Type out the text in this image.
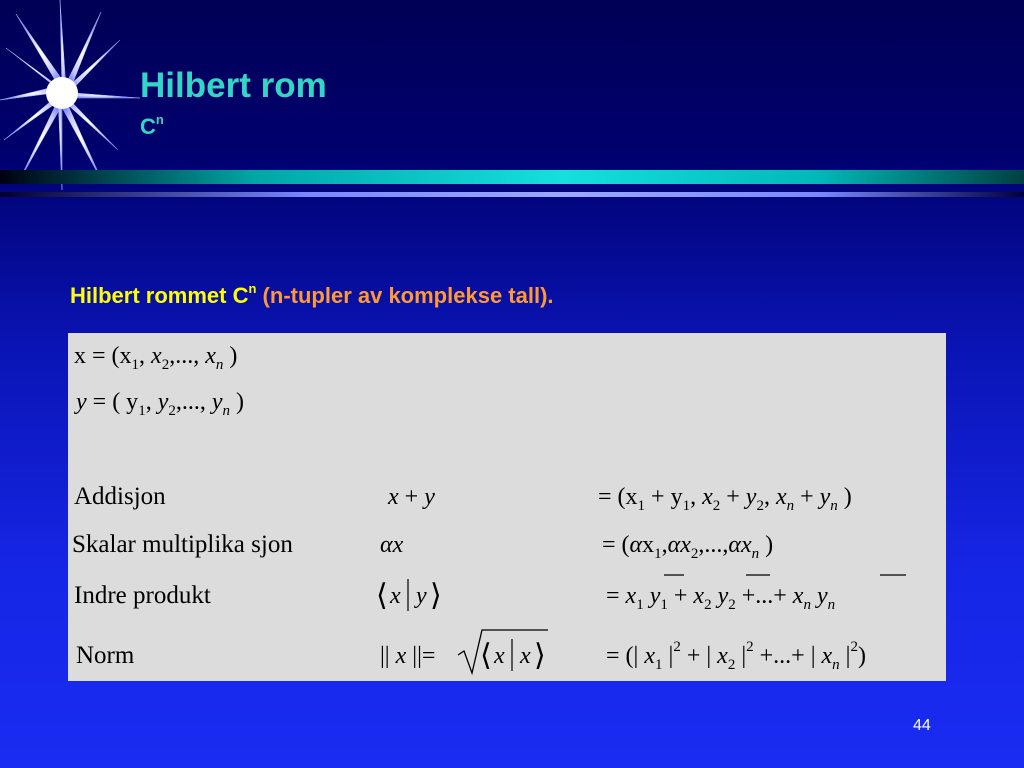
Hilbert rom
$C^n$
Hilbert rommet $C^n$ (n-tupler av komplekse tall).
$x = (x_1$, $x_2$,..., $x_n$ )
y = ( $y_1$, $y_2$,..., $y_n$ )
Addisjon	x + y	= ($x_1 + y_1$, $x_2 + y_2$, $x_n + y_n$ )
Skalar multiplika sjon	αx	= ($\alpha x_1,\alpha x_2,...,\alpha x_n$ )
Indre produkt	⟨ x y ⟩	= $x_1$ $y_1 + x_2$ $y_2$ +...+ $x_n$ $y_n$
Norm	|| x ||= ⟨ x x ⟩	= (| $x_1$ $|^2$ + | $x_2$ $|^2$ +...+ | $x_n$ $|^2$)
44
